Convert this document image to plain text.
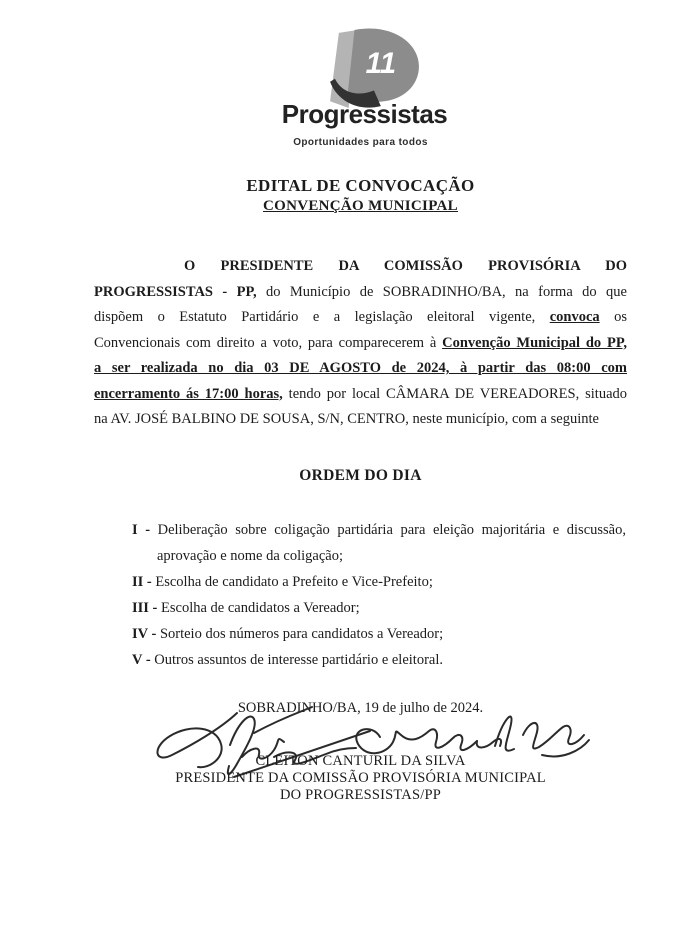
11
Progressistas
Oportunidades para todos
EDITAL DE CONVOCAÇÃO
CONVENÇÃO MUNICIPAL
O PRESIDENTE DA COMISSÃO PROVISÓRIA DO
PROGRESSISTAS - PP, do Município de SOBRADINHO/BA, na forma do que
dispõem o Estatuto Partidário e a legislação eleitoral vigente, convoca os
Convencionais com direito a voto, para comparecerem à Convenção Municipal do PP,
a ser realizada no dia 03 DE AGOSTO de 2024, à partir das 08:00 com
encerramento ás 17:00 horas, tendo por local CÂMARA DE VEREADORES, situado
na AV. JOSÉ BALBINO DE SOUSA, S/N, CENTRO, neste município, com a seguinte
ORDEM DO DIA
I - Deliberação sobre coligação partidária para eleição majoritária e discussão,
aprovação e nome da coligação;
II - Escolha de candidato a Prefeito e Vice-Prefeito;
III - Escolha de candidatos a Vereador;
IV - Sorteio dos números para candidatos a Vereador;
V - Outros assuntos de interesse partidário e eleitoral.
SOBRADINHO/BA, 19 de julho de 2024.
CLEITON CANTURIL DA SILVA
PRESIDENTE DA COMISSÃO PROVISÓRIA MUNICIPAL
DO PROGRESSISTAS/PP
